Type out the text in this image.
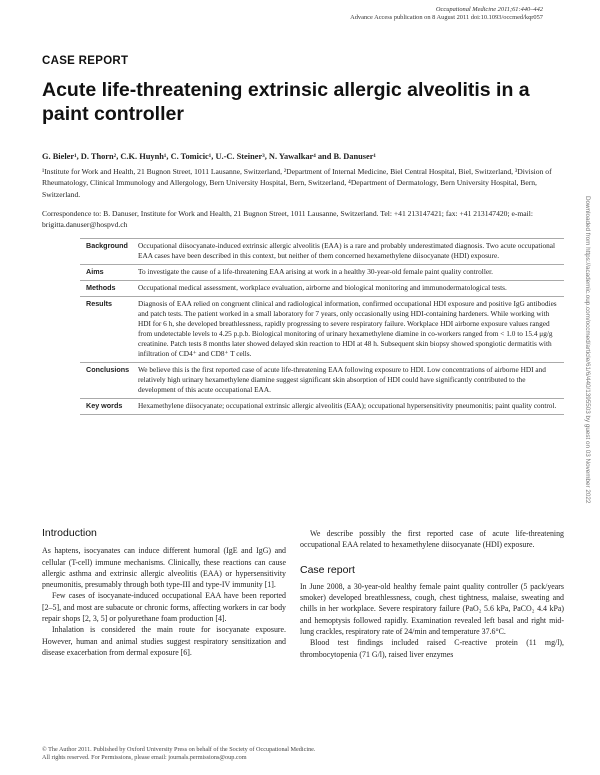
Occupational Medicine 2011;61:440–442
Advance Access publication on 8 August 2011 doi:10.1093/occmed/kqr057
CASE REPORT
Acute life-threatening extrinsic allergic alveolitis in a paint controller
G. Bieler¹, D. Thorn², C.K. Huynh¹, C. Tomicic¹, U.-C. Steiner³, N. Yawalkar⁴ and B. Danuser¹
¹Institute for Work and Health, 21 Bugnon Street, 1011 Lausanne, Switzerland, ²Department of Internal Medicine, Biel Central Hospital, Biel, Switzerland, ³Division of Rheumatology, Clinical Immunology and Allergology, Bern University Hospital, Bern, Switzerland, ⁴Department of Dermatology, Bern University Hospital, Bern, Switzerland.
Correspondence to: B. Danuser, Institute for Work and Health, 21 Bugnon Street, 1011 Lausanne, Switzerland. Tel: +41 213147421; fax: +41 213147420; e-mail: brigitta.danuser@hospvd.ch
Background	Occupational diisocyanate-induced extrinsic allergic alveolitis (EAA) is a rare and probably underestimated diagnosis. Two acute occupational EAA cases have been described in this context, but neither of them concerned hexamethylene diisocyanate (HDI) exposure.
Aims	To investigate the cause of a life-threatening EAA arising at work in a healthy 30-year-old female paint quality controller.
Methods	Occupational medical assessment, workplace evaluation, airborne and biological monitoring and immunodermatological tests.
Results	Diagnosis of EAA relied on congruent clinical and radiological information, confirmed occupational HDI exposure and positive IgG antibodies and patch tests. The patient worked in a small laboratory for 7 years, only occasionally using HDI-containing hardeners. While working with HDI for 6 h, she developed breathlessness, rapidly progressing to severe respiratory failure. Workplace HDI airborne exposure values ranged from undetectable levels to 4.25 p.p.b. Biological monitoring of urinary hexamethylene diamine in co-workers ranged from < 1.0 to 15.4 μg/g creatinine. Patch tests 8 months later showed delayed skin reaction to HDI at 48 h. Subsequent skin biopsy showed spongiotic dermatitis with infiltration of CD4⁺ and CD8⁺ T cells.
Conclusions	We believe this is the first reported case of acute life-threatening EAA following exposure to HDI. Low concentrations of airborne HDI and relatively high urinary hexamethylene diamine suggest significant skin absorption of HDI could have significantly contributed to the development of this acute occupational EAA.
Key words	Hexamethylene diisocyanate; occupational extrinsic allergic alveolitis (EAA); occupational hypersensitivity pneumonitis; paint quality control.
Introduction

As haptens, isocyanates can induce different humoral (IgE and IgG) and cellular (T-cell) immune mechanisms. Clinically, these reactions can cause allergic asthma and extrinsic allergic alveolitis (EAA) or hypersensitivity pneumonitis, presumably through both type-III and type-IV immunity [1].

Few cases of isocyanate-induced occupational EAA have been reported [2–5], and most are subacute or chronic forms, affecting workers in car body repair shops [2, 3, 5] or polyurethane foam production [4].

Inhalation is considered the main route for isocyanate exposure. However, human and animal studies suggest respiratory sensitization and disease exacerbation from dermal exposure [6].

We describe possibly the first reported case of acute life-threatening occupational EAA related to hexamethylene diisocyanate (HDI) exposure.

Case report

In June 2008, a 30-year-old healthy female paint quality controller (5 pack/years smoker) developed breathlessness, cough, chest tightness, malaise, sweating and chills in her workplace. Severe respiratory failure (PaO₂ 5.6 kPa, PaCO₂ 4.4 kPa) and hemoptysis followed rapidly. Examination revealed left basal and right mid-lung crackles, respiratory rate of 24/min and temperature 37.6°C.

Blood test findings included raised C-reactive protein (11 mg/l), thrombocytopenia (71 G/l), raised liver enzymes

© The Author 2011. Published by Oxford University Press on behalf of the Society of Occupational Medicine.
All rights reserved. For Permissions, please email: journals.permissions@oup.com
Downloaded from https://academic.oup.com/occmed/article/61/6/440/1395503 by guest on 03 November 2022
